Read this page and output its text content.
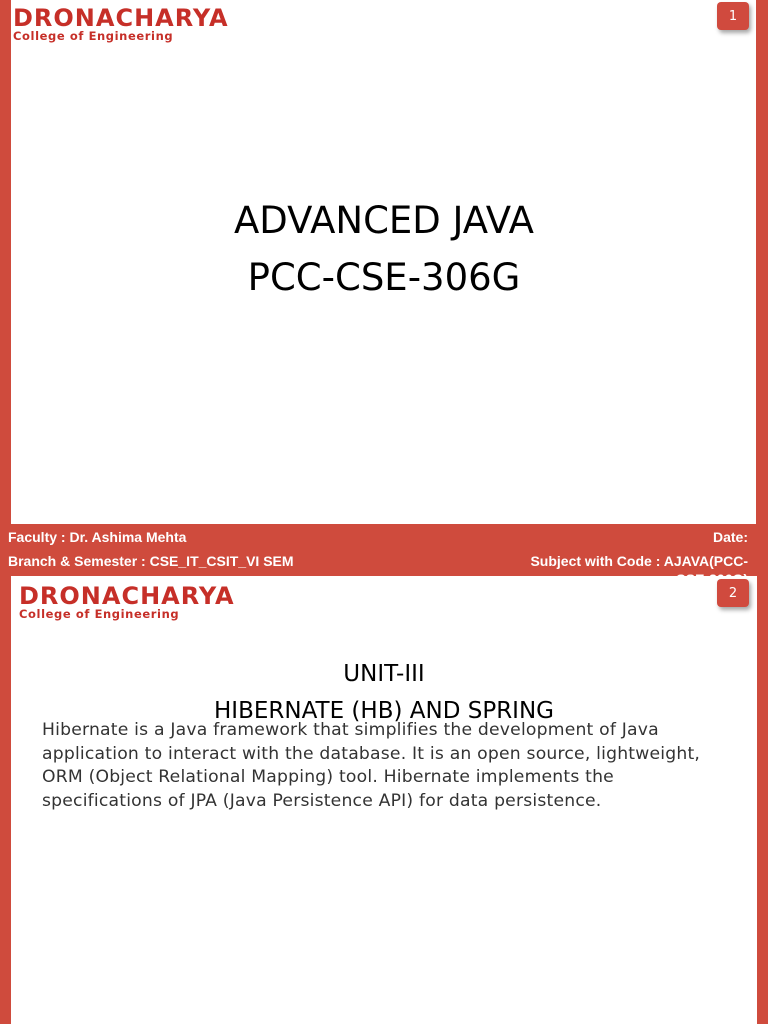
DRONACHARYA
College of Engineering
1
ADVANCED JAVA
PCC-CSE-306G
Faculty : Dr. Ashima Mehta	Date:
Branch & Semester : CSE_IT_CSIT_VI SEM	Subject with Code : AJAVA(PCC-
DRONACHARYA
College of Engineering
2
UNIT-III
HIBERNATE (HB) AND SPRING
Hibernate is a Java framework that simplifies the development of Java application to interact with the database. It is an open source, lightweight, ORM (Object Relational Mapping) tool. Hibernate implements the specifications of JPA (Java Persistence API) for data persistence.
